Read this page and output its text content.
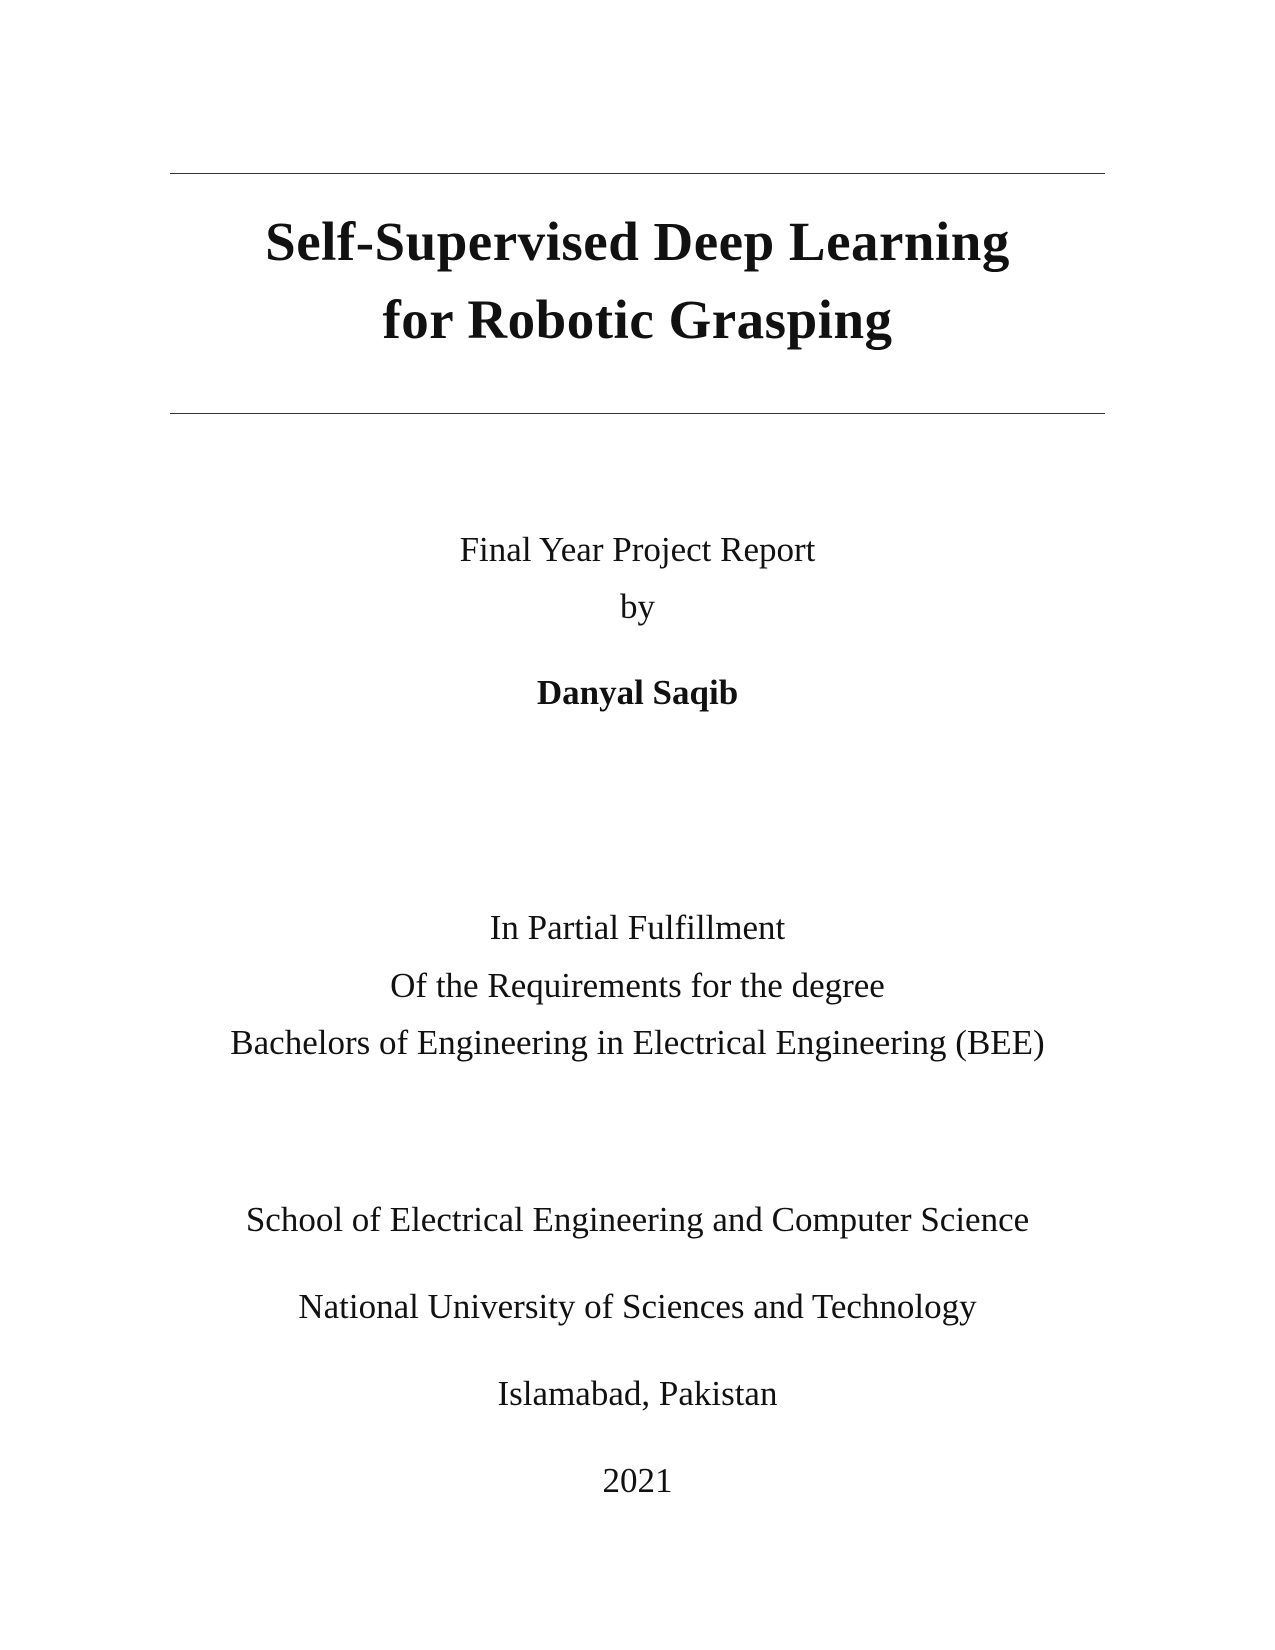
Self-Supervised Deep Learning
for Robotic Grasping
Final Year Project Report
by
Danyal Saqib
In Partial Fulfillment
Of the Requirements for the degree
Bachelors of Engineering in Electrical Engineering (BEE)
School of Electrical Engineering and Computer Science
National University of Sciences and Technology
Islamabad, Pakistan
2021
